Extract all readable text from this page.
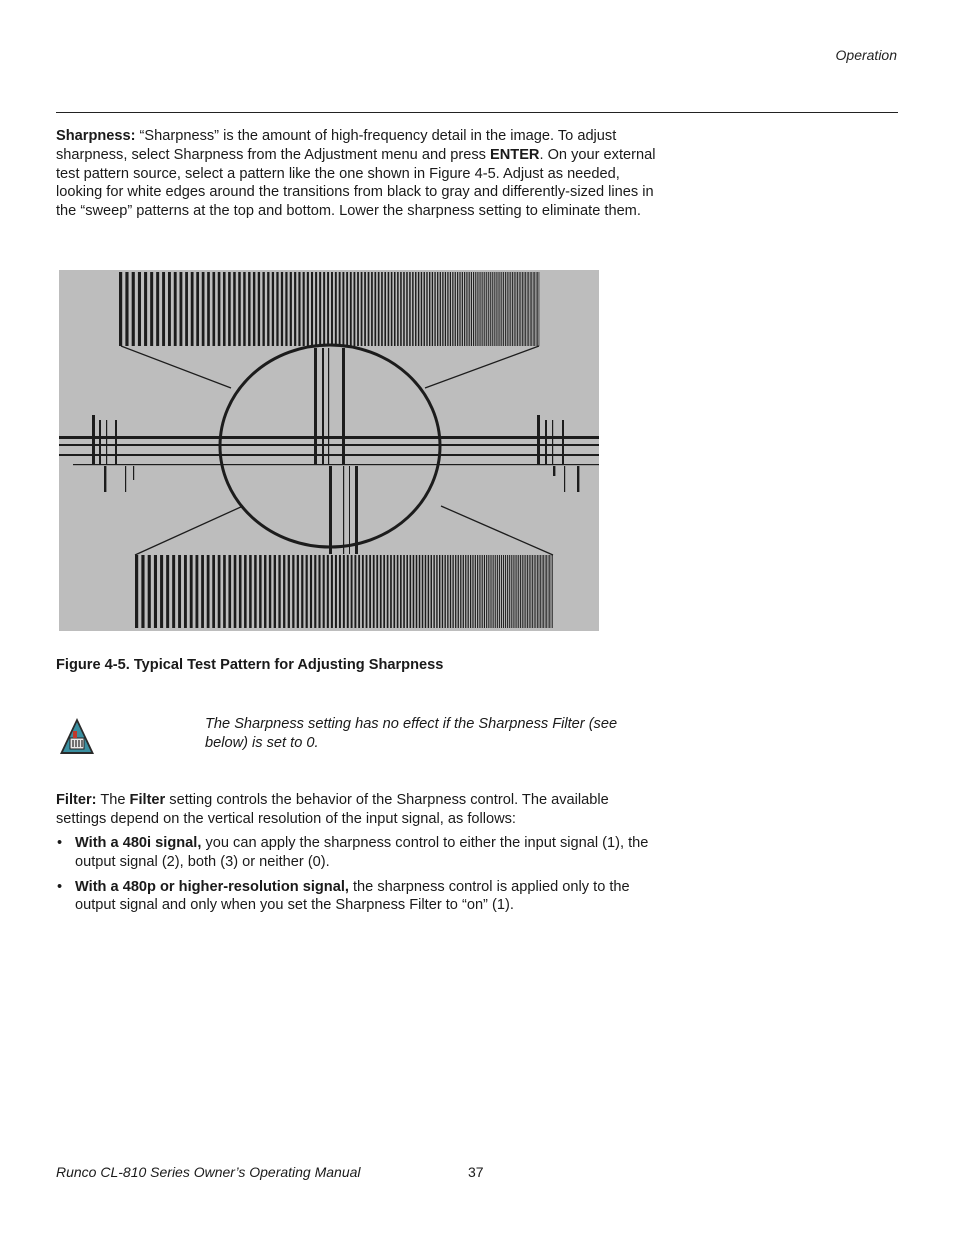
Operation

Sharpness: “Sharpness” is the amount of high-frequency detail in the image. To adjust sharpness, select Sharpness from the Adjustment menu and press ENTER. On your external test pattern source, select a pattern like the one shown in Figure 4-5. Adjust as needed, looking for white edges around the transitions from black to gray and differently-sized lines in the “sweep” patterns at the top and bottom. Lower the sharpness setting to eliminate them.

Figure 4-5. Typical Test Pattern for Adjusting Sharpness

The Sharpness setting has no effect if the Sharpness Filter (see below) is set to 0.

Filter: The Filter setting controls the behavior of the Sharpness control. The available settings depend on the vertical resolution of the input signal, as follows:

• With a 480i signal, you can apply the sharpness control to either the input signal (1), the output signal (2), both (3) or neither (0).
• With a 480p or higher-resolution signal, the sharpness control is applied only to the output signal and only when you set the Sharpness Filter to “on” (1).
Runco CL-810 Series Owner’s Operating Manual	37
